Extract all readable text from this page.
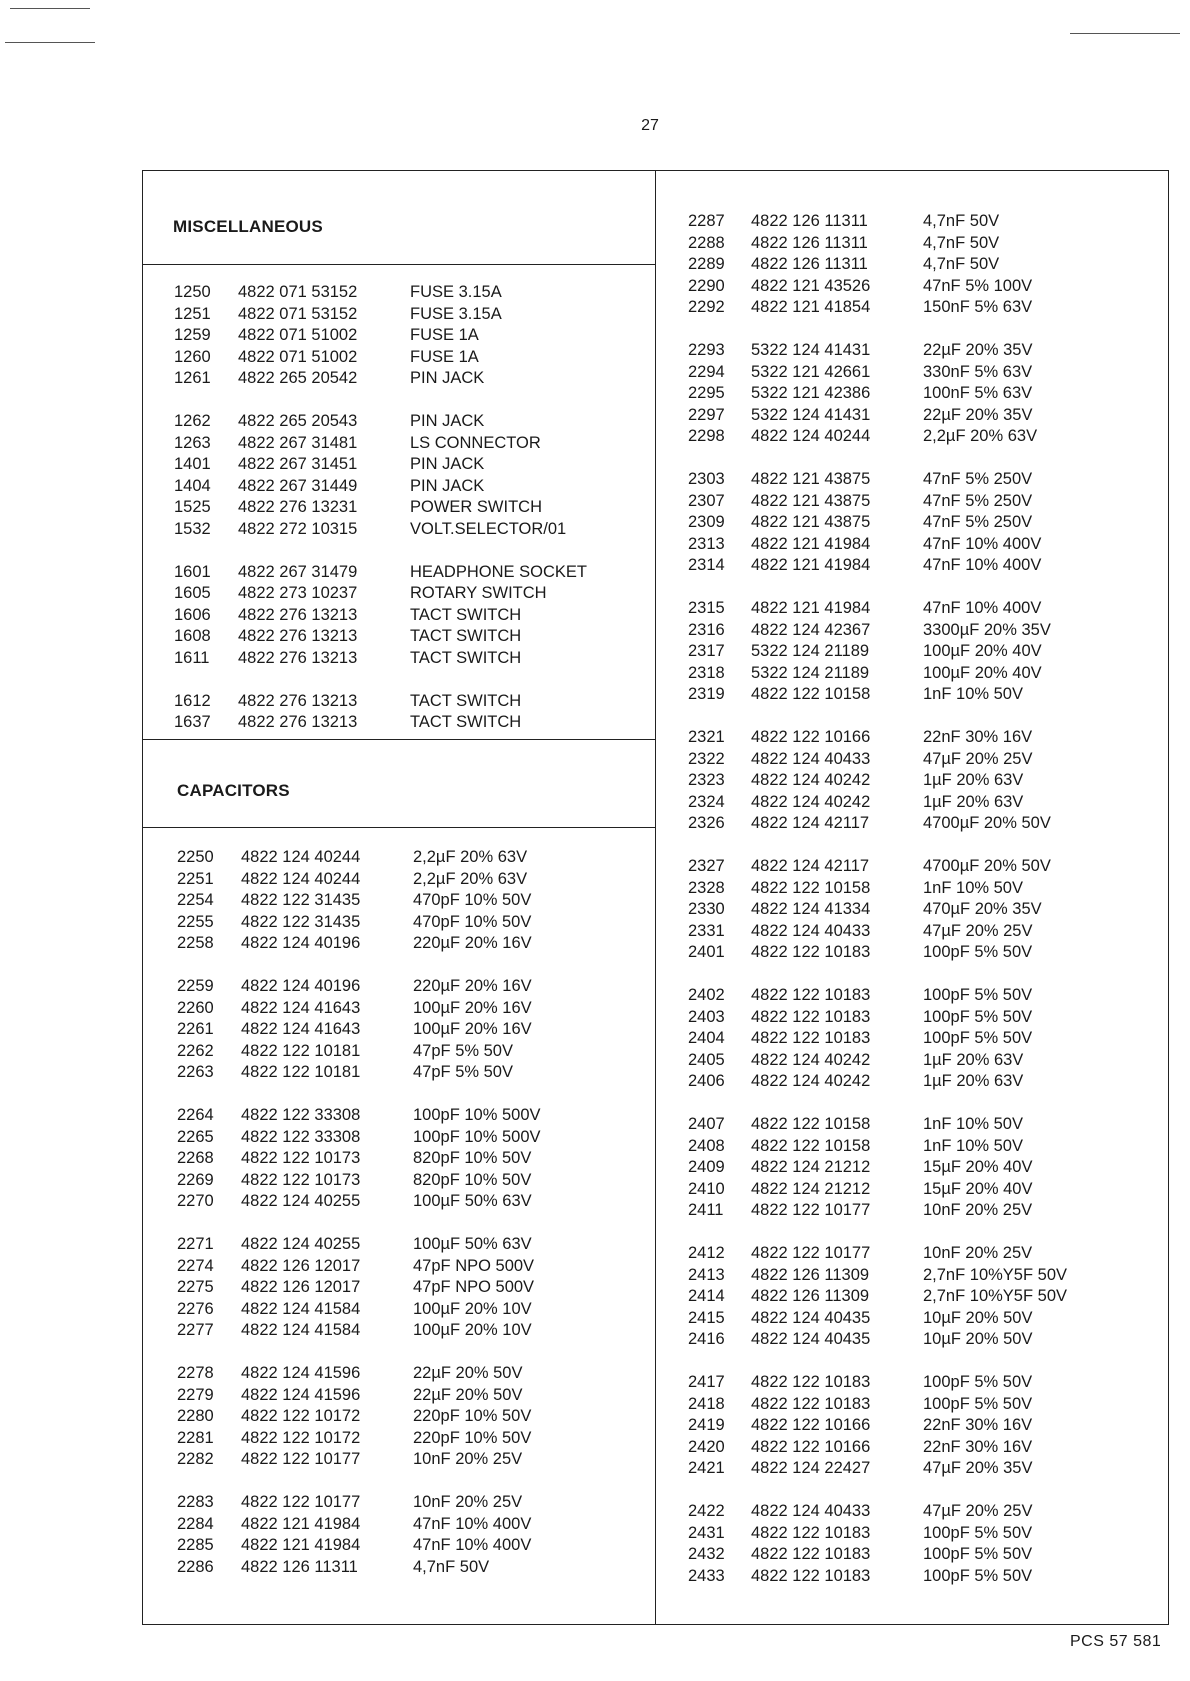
27
PCS 57 581
MISCELLANEOUS
CAPACITORS
1250 4822 071 53152	FUSE 3.15A
1251 4822 071 53152	FUSE 3.15A
1259 4822 071 51002	FUSE 1A
1260 4822 071 51002	FUSE 1A
1261 4822 265 20542	PIN JACK
1262 4822 265 20543	PIN JACK
1263 4822 267 31481	LS CONNECTOR
1401 4822 267 31451	PIN JACK
1404 4822 267 31449	PIN JACK
1525 4822 276 13231	POWER SWITCH
1532 4822 272 10315	VOLT.SELECTOR/01
1601 4822 267 31479	HEADPHONE SOCKET
1605 4822 273 10237	ROTARY SWITCH
1606 4822 276 13213	TACT SWITCH
1608 4822 276 13213	TACT SWITCH
1611 4822 276 13213	TACT SWITCH
1612 4822 276 13213	TACT SWITCH
1637 4822 276 13213	TACT SWITCH
2250 4822 124 40244	2,2µF 20% 63V
2251 4822 124 40244	2,2µF 20% 63V
2254 4822 122 31435	470pF 10% 50V
2255 4822 122 31435	470pF 10% 50V
2258 4822 124 40196	220µF 20% 16V
2259 4822 124 40196	220µF 20% 16V
2260 4822 124 41643	100µF 20% 16V
2261 4822 124 41643	100µF 20% 16V
2262 4822 122 10181	47pF 5% 50V
2263 4822 122 10181	47pF 5% 50V
2264 4822 122 33308	100pF 10% 500V
2265 4822 122 33308	100pF 10% 500V
2268 4822 122 10173	820pF 10% 50V
2269 4822 122 10173	820pF 10% 50V
2270 4822 124 40255	100µF 50% 63V
2271 4822 124 40255	100µF 50% 63V
2274 4822 126 12017	47pF NPO 500V
2275 4822 126 12017	47pF NPO 500V
2276 4822 124 41584	100µF 20% 10V
2277 4822 124 41584	100µF 20% 10V
2278 4822 124 41596	22µF 20% 50V
2279 4822 124 41596	22µF 20% 50V
2280 4822 122 10172	220pF 10% 50V
2281 4822 122 10172	220pF 10% 50V
2282 4822 122 10177	10nF 20% 25V
2283 4822 122 10177	10nF 20% 25V
2284 4822 121 41984	47nF 10% 400V
2285 4822 121 41984	47nF 10% 400V
2286 4822 126 11311	4,7nF 50V
2287 4822 126 11311	4,7nF 50V
2288 4822 126 11311	4,7nF 50V
2289 4822 126 11311	4,7nF 50V
2290 4822 121 43526	47nF 5% 100V
2292 4822 121 41854	150nF 5% 63V
2293 5322 124 41431	22µF 20% 35V
2294 5322 121 42661	330nF 5% 63V
2295 5322 121 42386	100nF 5% 63V
2297 5322 124 41431	22µF 20% 35V
2298 4822 124 40244	2,2µF 20% 63V
2303 4822 121 43875	47nF 5% 250V
2307 4822 121 43875	47nF 5% 250V
2309 4822 121 43875	47nF 5% 250V
2313 4822 121 41984	47nF 10% 400V
2314 4822 121 41984	47nF 10% 400V
2315 4822 121 41984	47nF 10% 400V
2316 4822 124 42367	3300µF 20% 35V
2317 5322 124 21189	100µF 20% 40V
2318 5322 124 21189	100µF 20% 40V
2319 4822 122 10158	1nF 10% 50V
2321 4822 122 10166	22nF 30% 16V
2322 4822 124 40433	47µF 20% 25V
2323 4822 124 40242	1µF 20% 63V
2324 4822 124 40242	1µF 20% 63V
2326 4822 124 42117	4700µF 20% 50V
2327 4822 124 42117	4700µF 20% 50V
2328 4822 122 10158	1nF 10% 50V
2330 4822 124 41334	470µF 20% 35V
2331 4822 124 40433	47µF 20% 25V
2401 4822 122 10183	100pF 5% 50V
2402 4822 122 10183	100pF 5% 50V
2403 4822 122 10183	100pF 5% 50V
2404 4822 122 10183	100pF 5% 50V
2405 4822 124 40242	1µF 20% 63V
2406 4822 124 40242	1µF 20% 63V
2407 4822 122 10158	1nF 10% 50V
2408 4822 122 10158	1nF 10% 50V
2409 4822 124 21212	15µF 20% 40V
2410 4822 124 21212	15µF 20% 40V
2411 4822 122 10177	10nF 20% 25V
2412 4822 122 10177	10nF 20% 25V
2413 4822 126 11309	2,7nF 10%Y5F 50V
2414 4822 126 11309	2,7nF 10%Y5F 50V
2415 4822 124 40435	10µF 20% 50V
2416 4822 124 40435	10µF 20% 50V
2417 4822 122 10183	100pF 5% 50V
2418 4822 122 10183	100pF 5% 50V
2419 4822 122 10166	22nF 30% 16V
2420 4822 122 10166	22nF 30% 16V
2421 4822 124 22427	47µF 20% 35V
2422 4822 124 40433	47µF 20% 25V
2431 4822 122 10183	100pF 5% 50V
2432 4822 122 10183	100pF 5% 50V
2433 4822 122 10183	100pF 5% 50V
